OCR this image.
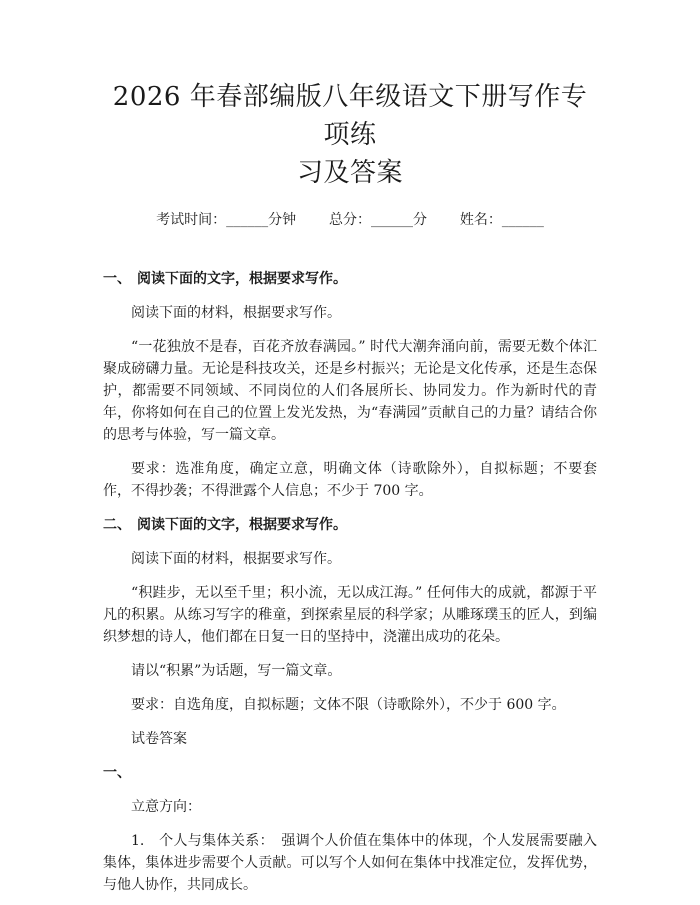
2026 年春部编版八年级语文下册写作专项练
习及答案
考试时间：______分钟 总分：______分 姓名：______
一、 阅读下面的文字，根据要求写作。

阅读下面的材料，根据要求写作。

“一花独放不是春，百花齐放春满园。” 时代大潮奔涌向前，需要无数个体汇聚成磅礴力量。无论是科技攻关，还是乡村振兴；无论是文化传承，还是生态保护，都需要不同领域、不同岗位的人们各展所长、协同发力。作为新时代的青年，你将如何在自己的位置上发光发热，为“春满园”贡献自己的力量？请结合你的思考与体验，写一篇文章。

要求：选准角度，确定立意，明确文体（诗歌除外），自拟标题；不要套作，不得抄袭；不得泄露个人信息；不少于 700 字。

二、 阅读下面的文字，根据要求写作。

阅读下面的材料，根据要求写作。

“积跬步，无以至千里；积小流，无以成江海。” 任何伟大的成就，都源于平凡的积累。从练习写字的稚童，到探索星辰的科学家；从雕琢璞玉的匠人，到编织梦想的诗人，他们都在日复一日的坚持中，浇灌出成功的花朵。

请以“积累”为话题，写一篇文章。

要求：自选角度，自拟标题；文体不限（诗歌除外），不少于 600 字。

试卷答案

一、

立意方向：

1.　个人与集体关系：　强调个人价值在集体中的体现，个人发展需要融入集体，集体进步需要个人贡献。可以写个人如何在集体中找准定位，发挥优势，与他人协作，共同成长。
